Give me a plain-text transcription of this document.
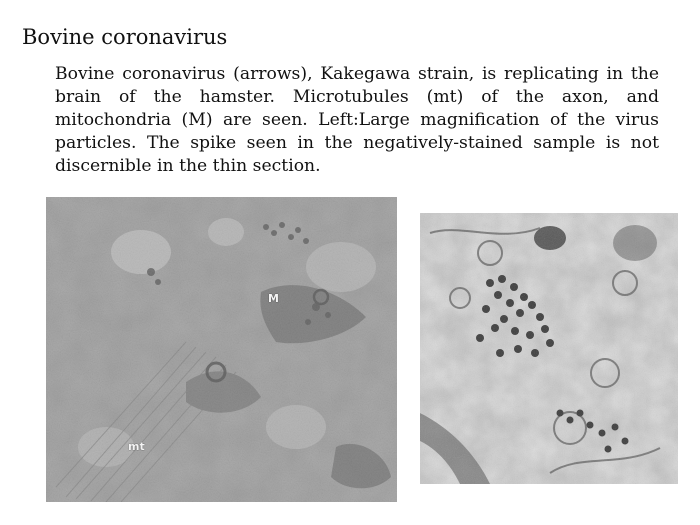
Bovine coronavirus
Bovine coronavirus (arrows), Kakegawa strain, is replicating in the brain of the hamster. Microtubules (mt) of the axon, and mitochondria (M) are seen. Left:Large magnification of the virus particles. The spike seen in the negatively-stained sample is not discernible in the thin section.
M
mt
